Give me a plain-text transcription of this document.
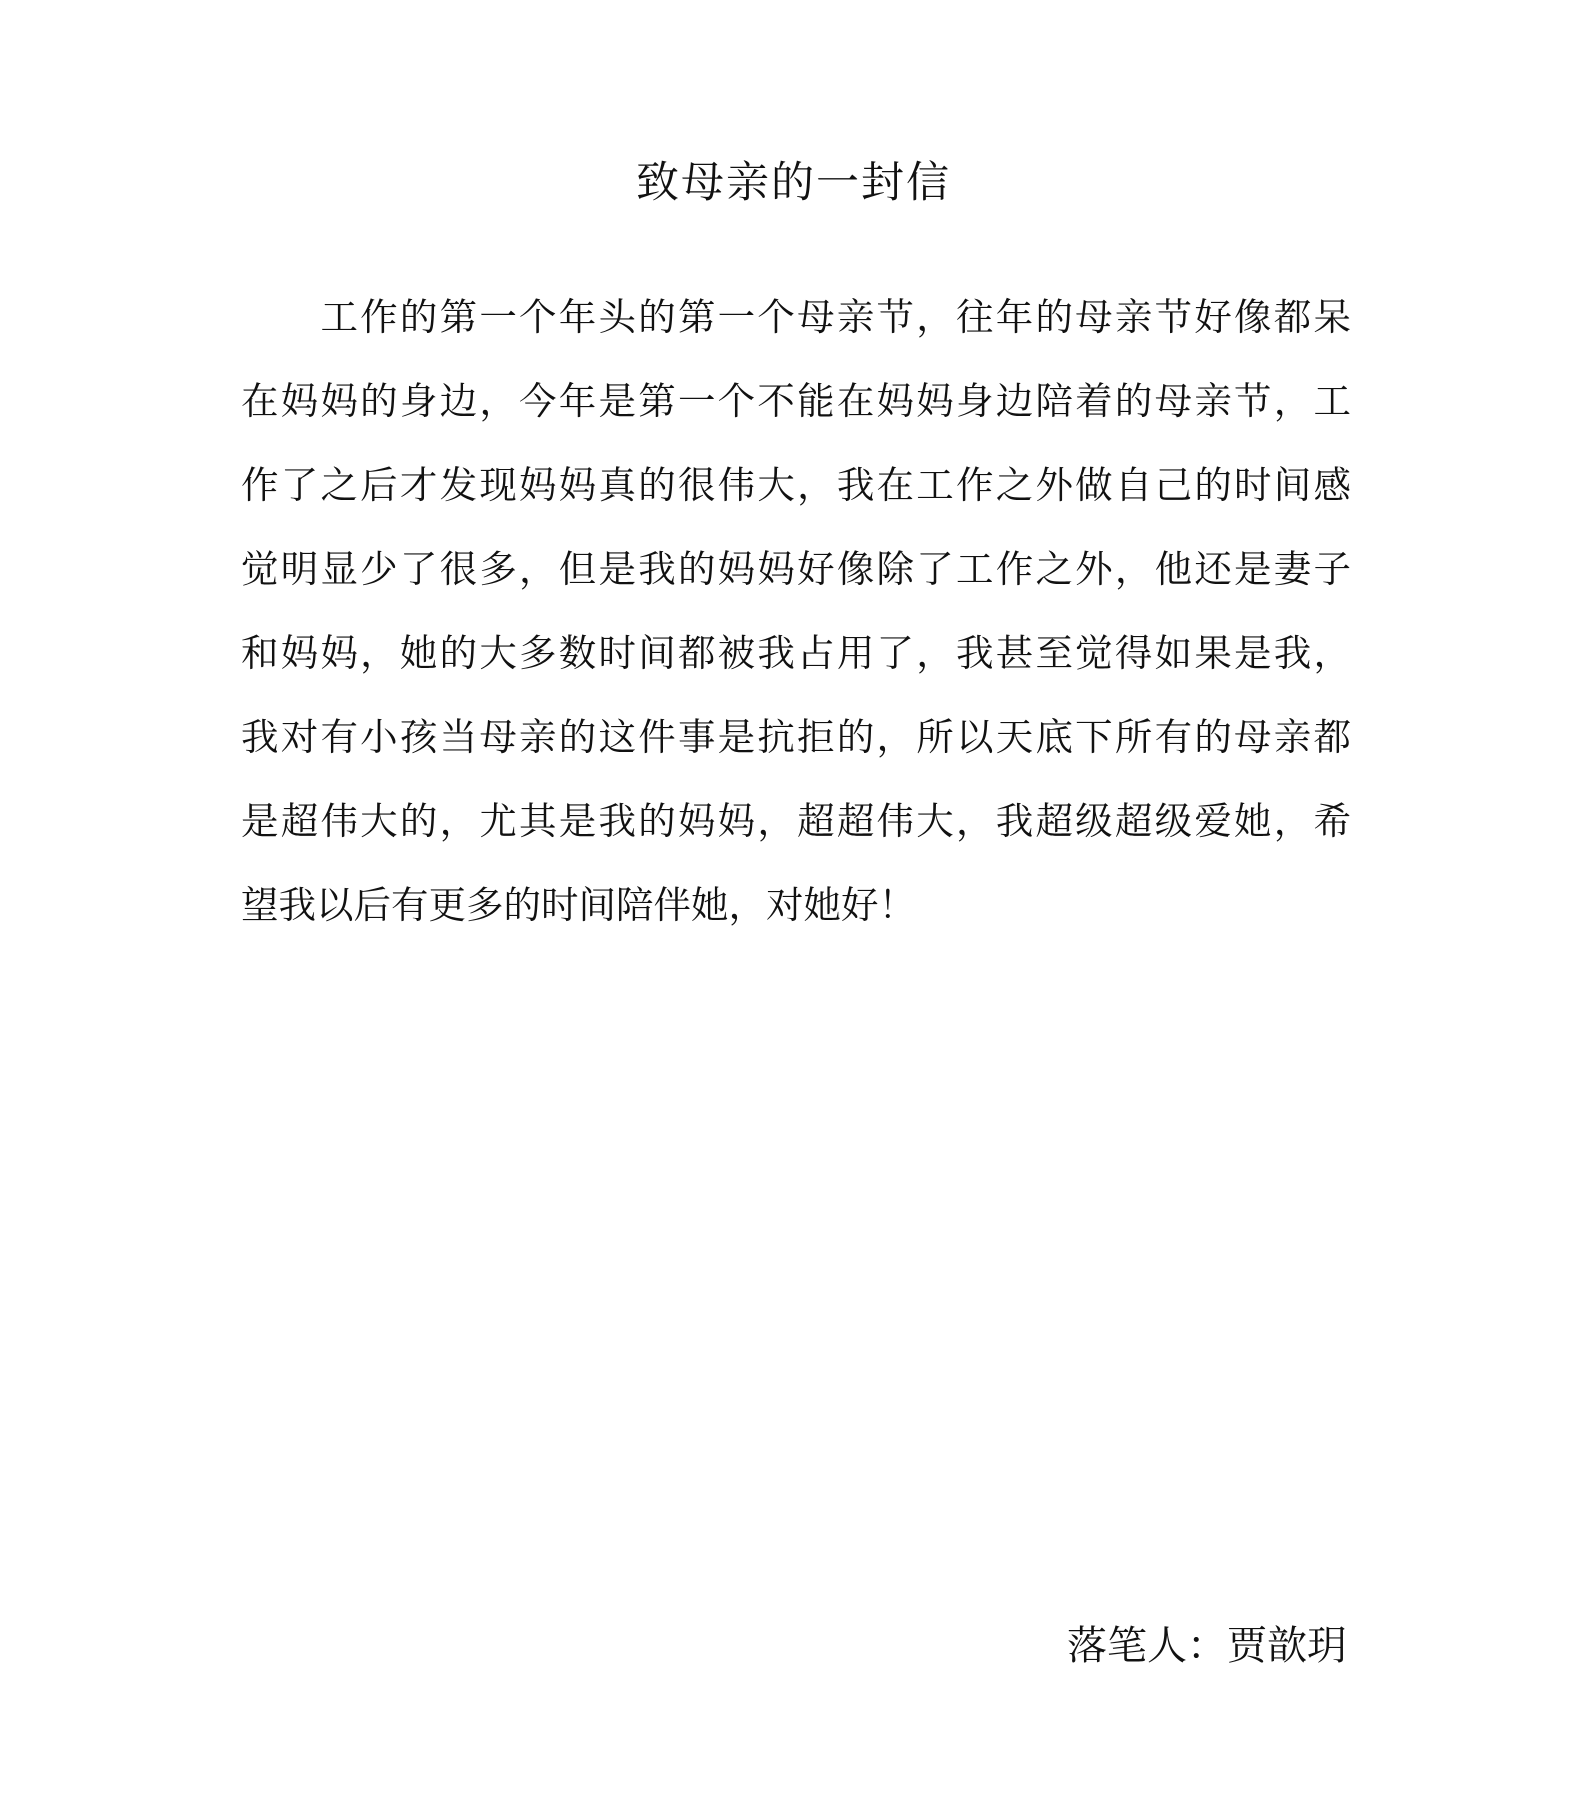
致母亲的一封信
　　工作的第一个年头的第一个母亲节，往年的母亲节好像都呆
在妈妈的身边，今年是第一个不能在妈妈身边陪着的母亲节，工
作了之后才发现妈妈真的很伟大，我在工作之外做自己的时间感
觉明显少了很多，但是我的妈妈好像除了工作之外，他还是妻子
和妈妈，她的大多数时间都被我占用了，我甚至觉得如果是我，
我对有小孩当母亲的这件事是抗拒的，所以天底下所有的母亲都
是超伟大的，尤其是我的妈妈，超超伟大，我超级超级爱她，希
望我以后有更多的时间陪伴她，对她好！
落笔人：贾歆玥
